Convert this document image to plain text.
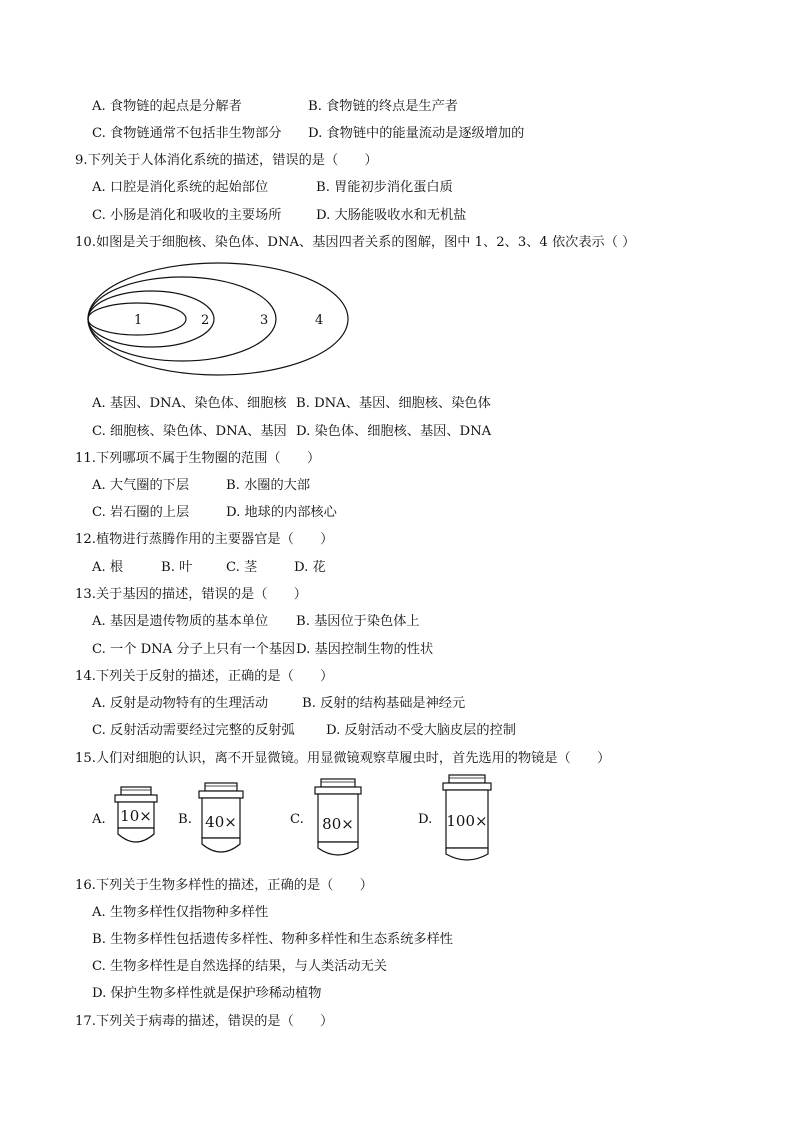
A. 食物链的起点是分解者	B. 食物链的终点是生产者
C. 食物链通常不包括非生物部分 D. 食物链中的能量流动是逐级增加的
9.下列关于人体消化系统的描述，错误的是（　　）
A. 口腔是消化系统的起始部位	B. 胃能初步消化蛋白质
C. 小肠是消化和吸收的主要场所	D. 大肠能吸收水和无机盐
10.如图是关于细胞核、染色体、DNA、基因四者关系的图解，图中 1、2、3、4 依次表示（ ）
1	2	3	4
A. 基因、DNA、染色体、细胞核 B. DNA、基因、细胞核、染色体
C. 细胞核、染色体、DNA、基因 D. 染色体、细胞核、基因、DNA
11.下列哪项不属于生物圈的范围（　　）
A. 大气圈的下层	B. 水圈的大部
C. 岩石圈的上层	D. 地球的内部核心
12.植物进行蒸腾作用的主要器官是（　　）
A. 根	B. 叶	C. 茎	D. 花
13.关于基因的描述，错误的是（　　）
A. 基因是遗传物质的基本单位 B. 基因位于染色体上
C. 一个 DNA 分子上只有一个基因 D. 基因控制生物的性状
14.下列关于反射的描述，正确的是（　　）
A. 反射是动物特有的生理活动	B. 反射的结构基础是神经元
C. 反射活动需要经过完整的反射弧 D. 反射活动不受大脑皮层的控制
15.人们对细胞的认识，离不开显微镜。用显微镜观察草履虫时，首先选用的物镜是（　　）
A. 10× B. 40×	C. 80×	D. 100×
16.下列关于生物多样性的描述，正确的是（　　）
A. 生物多样性仅指物种多样性
B. 生物多样性包括遗传多样性、物种多样性和生态系统多样性
C. 生物多样性是自然选择的结果，与人类活动无关
D. 保护生物多样性就是保护珍稀动植物
17.下列关于病毒的描述，错误的是（　　）
